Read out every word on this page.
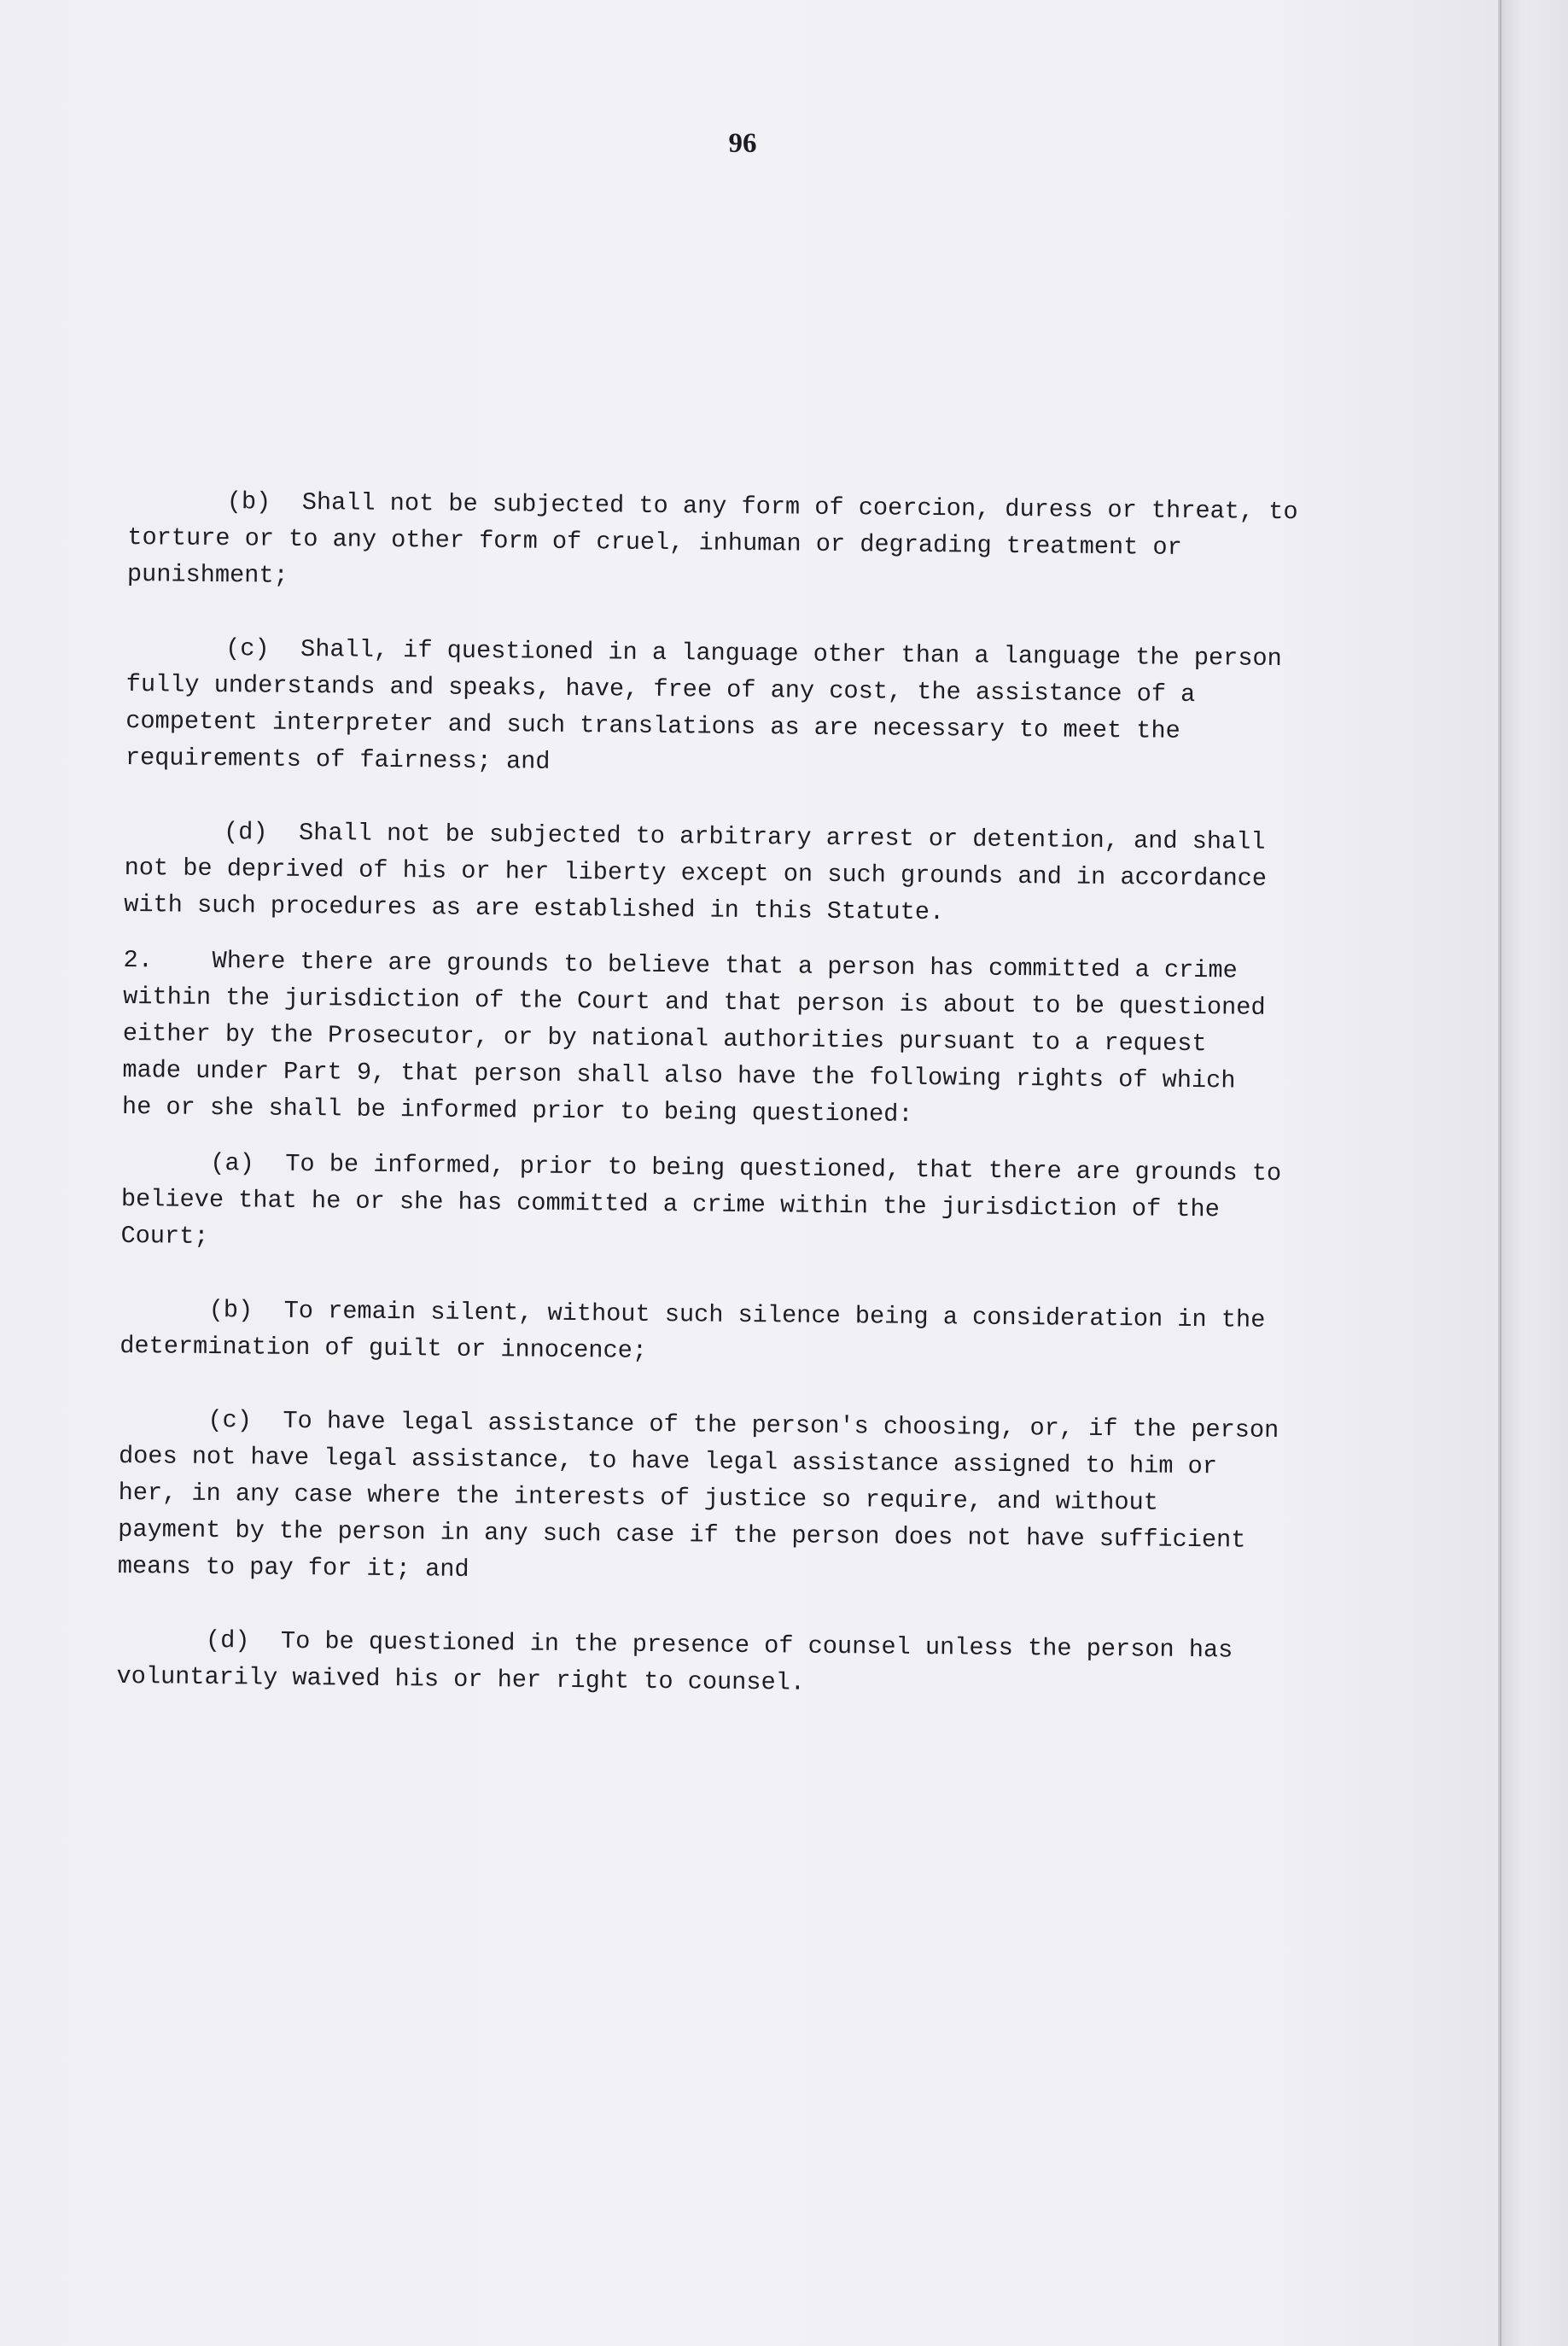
96
(b) Shall not be subjected to any form of coercion, duress or threat, to
torture or to any other form of cruel, inhuman or degrading treatment or
punishment;
(c) Shall, if questioned in a language other than a language the person
fully understands and speaks, have, free of any cost, the assistance of a
competent interpreter and such translations as are necessary to meet the
requirements of fairness; and
(d) Shall not be subjected to arbitrary arrest or detention, and shall
not be deprived of his or her liberty except on such grounds and in accordance
with such procedures as are established in this Statute.
2. Where there are grounds to believe that a person has committed a crime
within the jurisdiction of the Court and that person is about to be questioned
either by the Prosecutor, or by national authorities pursuant to a request
made under Part 9, that person shall also have the following rights of which
he or she shall be informed prior to being questioned:
(a) To be informed, prior to being questioned, that there are grounds to
believe that he or she has committed a crime within the jurisdiction of the
Court;
(b) To remain silent, without such silence being a consideration in the
determination of guilt or innocence;
(c) To have legal assistance of the person's choosing, or, if the person
does not have legal assistance, to have legal assistance assigned to him or
her, in any case where the interests of justice so require, and without
payment by the person in any such case if the person does not have sufficient
means to pay for it; and
(d) To be questioned in the presence of counsel unless the person has
voluntarily waived his or her right to counsel.
